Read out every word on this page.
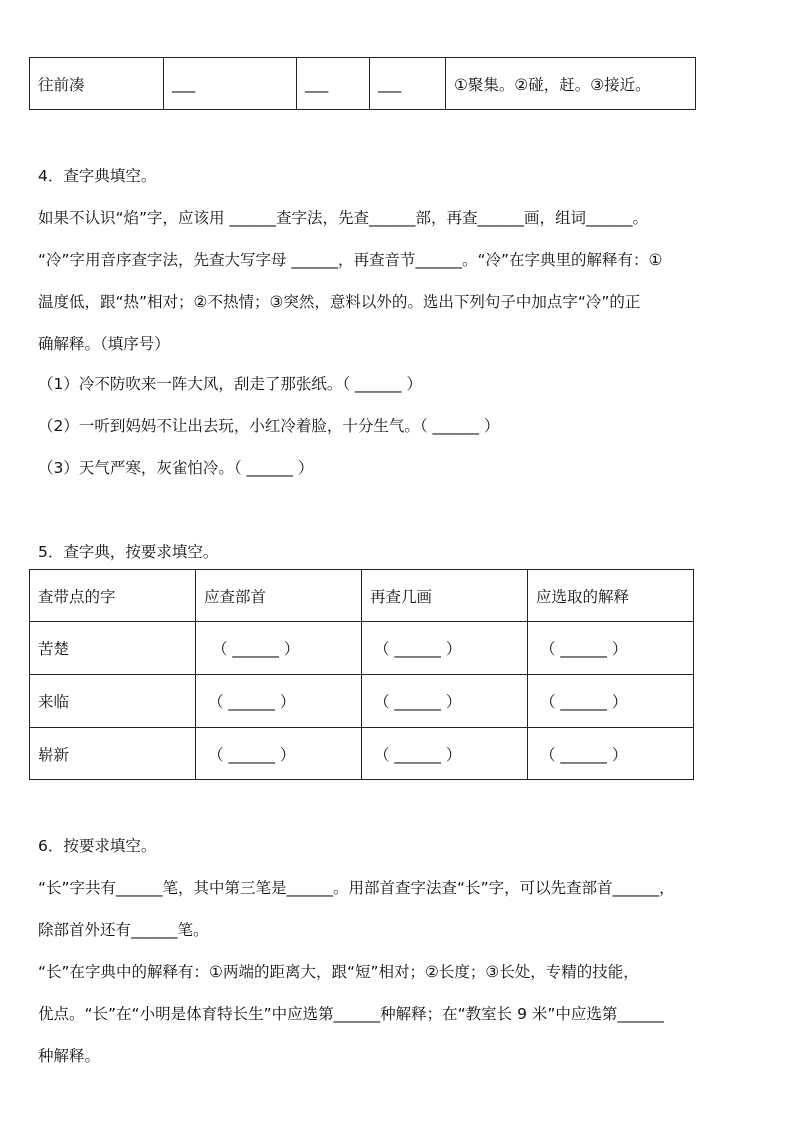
往前凑	___	___	___	①聚集。②碰，赶。③接近。
4．查字典填空。
如果不认识“焰”字，应该用 ______查字法，先查______部，再查______画，组词______。
“冷”字用音序查字法，先查大写字母 ______，再查音节______。“冷”在字典里的解释有：①
温度低，跟“热”相对；②不热情；③突然，意料以外的。选出下列句子中加点字“冷”的正
确解释。（填序号）
（1）冷不防吹来一阵大风，刮走了那张纸。（ ______ ）
（2）一听到妈妈不让出去玩，小红冷着脸，十分生气。（ ______ ）
（3）天气严寒，灰雀怕冷。（ ______ ）
5．查字典，按要求填空。
查带点的字	应查部首	再查几画	应选取的解释
苦楚	（ ______ ）	（ ______ ）	（ ______ ）
来临	（ ______ ）	（ ______ ）	（ ______ ）
崭新	（ ______ ）	（ ______ ）	（ ______ ）
6．按要求填空。
“长”字共有______笔，其中第三笔是______。用部首查字法查“长”字，可以先查部首______，
除部首外还有______笔。
“长”在字典中的解释有：①两端的距离大，跟“短”相对；②长度；③长处，专精的技能，
优点。“长”在“小明是体育特长生”中应选第______种解释；在“教室长 9 米”中应选第______
种解释。
